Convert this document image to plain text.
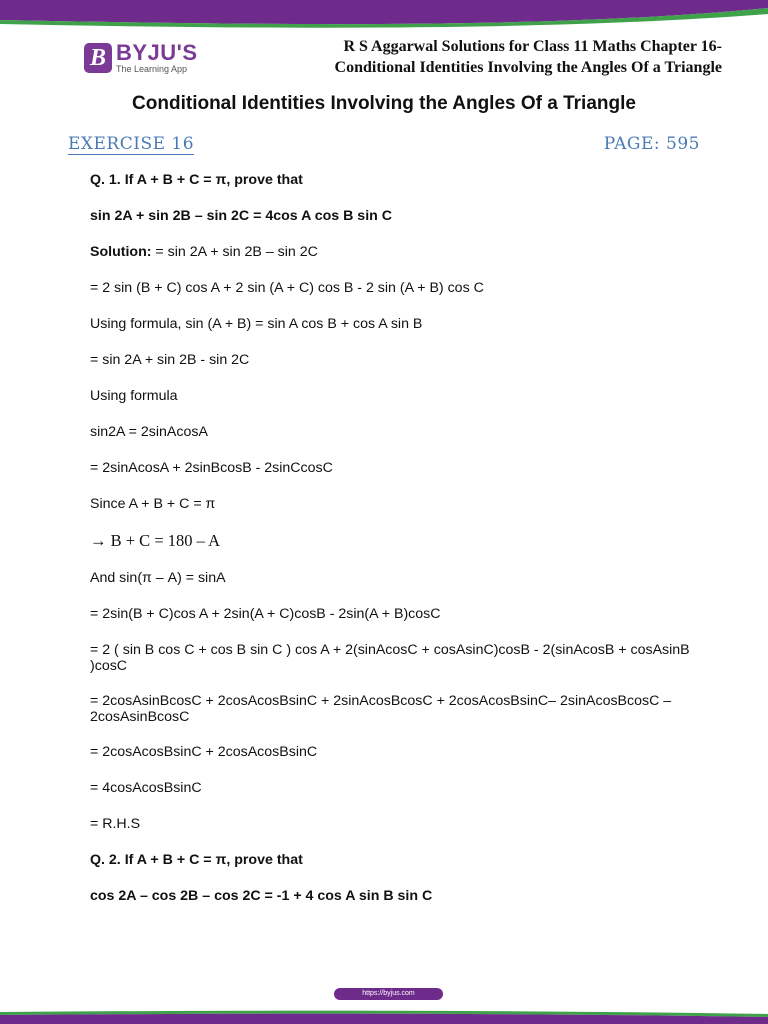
B BYJU'S
The Learning App
R S Aggarwal Solutions for Class 11 Maths Chapter 16-
Conditional Identities Involving the Angles Of a Triangle
Conditional Identities Involving the Angles Of a Triangle
EXERCISE 16	PAGE: 595

Q. 1. If A + B + C = π, prove that

sin 2A + sin 2B – sin 2C = 4cos A cos B sin C

Solution: = sin 2A + sin 2B – sin 2C

= 2 sin (B + C) cos A + 2 sin (A + C) cos B - 2 sin (A + B) cos C

Using formula, sin (A + B) = sin A cos B + cos A sin B

= sin 2A + sin 2B - sin 2C

Using formula

sin2A = 2sinAcosA

= 2sinAcosA + 2sinBcosB - 2sinCcosC

Since A + B + C = π

→ B + C = 180 – A

And sin(π – A) = sinA

= 2sin(B + C)cos A + 2sin(A + C)cosB - 2sin(A + B)cosC

= 2 ( sin B cos C + cos B sin C ) cos A + 2(sinAcosC + cosAsinC)cosB - 2(sinAcosB + cosAsinB )cosC

= 2cosAsinBcosC + 2cosAcosBsinC + 2sinAcosBcosC + 2cosAcosBsinC– 2sinAcosBcosC – 2cosAsinBcosC

= 2cosAcosBsinC + 2cosAcosBsinC

= 4cosAcosBsinC

= R.H.S

Q. 2. If A + B + C = π, prove that

cos 2A – cos 2B – cos 2C = -1 + 4 cos A sin B sin C

https://byjus.com
